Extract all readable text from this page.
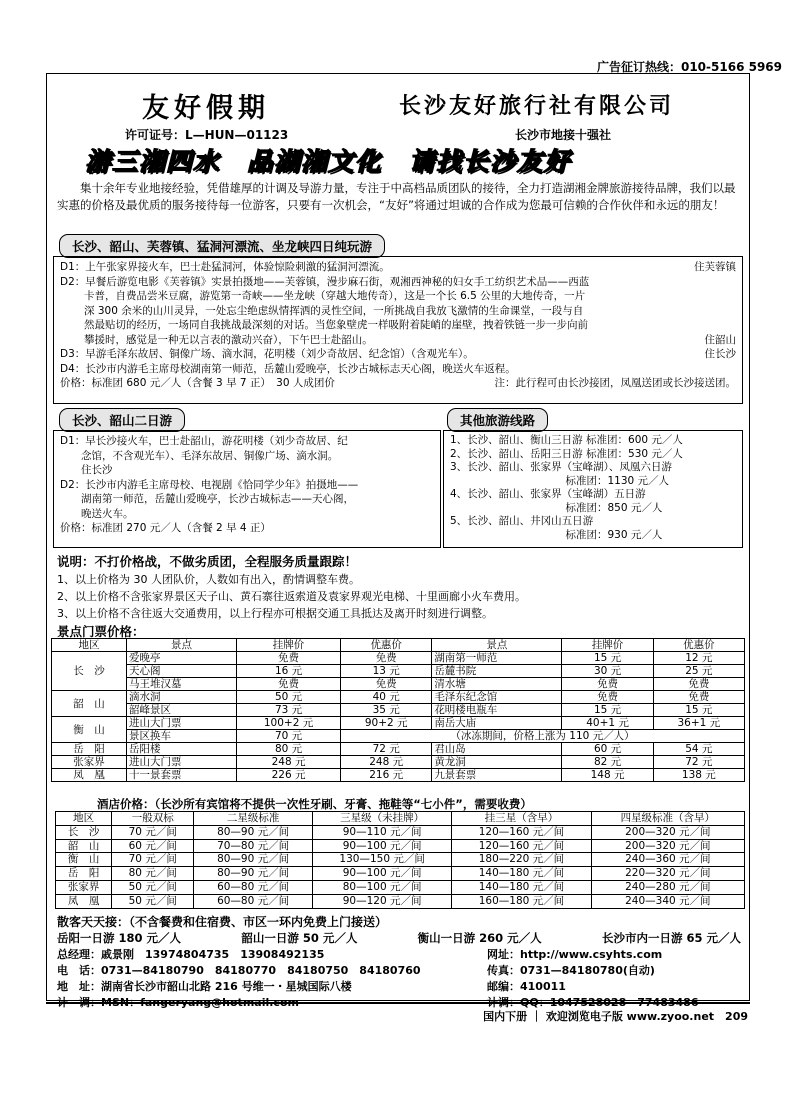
广告征订热线：010-5166 5969
友好假期	长沙友好旅行社有限公司
许可证号：L—HUN—01123	长沙市地接十强社
游三湘四水　品湖湘文化　请找长沙友好
集十余年专业地接经验，凭借雄厚的计调及导游力量，专注于中高档品质团队的接待，全力打造湖湘金牌旅游接待品牌，我们以最实惠的价格及最优质的服务接待每一位游客，只要有一次机会，“友好”将通过坦诚的合作成为您最可信赖的合作伙伴和永远的朋友！
长沙、韶山、芙蓉镇、猛洞河漂流、坐龙峡四日纯玩游
D1：上午张家界接火车，巴士赴猛洞河，体验惊险刺激的猛洞河漂流。	住芙蓉镇
D2：早餐后游览电影《芙蓉镇》实景拍摄地——芙蓉镇，漫步麻石街，观湘西神秘的妇女手工纺织艺术品——西蓝
卡普，自费品尝米豆腐，游览第一奇峡——坐龙峡（穿越大地传奇），这是一个长 6.5 公里的大地传奇，一片
深 300 余米的山川灵异，一处忘尘绝虑纵情挥洒的灵性空间，一所挑战自我放飞激情的生命课堂，一段与自
然最贴切的经历，一场同自我挑战最深刻的对话。当您象壁虎一样吸附着陡峭的崖壁，拽着铁链一步一步向前
攀援时，感觉是一种无以言表的激动兴奋），下午巴士赴韶山。	住韶山
D3：早游毛泽东故居、铜像广场、滴水洞，花明楼（刘少奇故居、纪念馆）（含观光车）。	住长沙
D4：长沙市内游毛主席母校湖南第一师范，岳麓山爱晚亭，长沙古城标志天心阁，晚送火车返程。
价格：标准团 680 元／人（含餐 3 早 7 正）　30 人成团价	注：此行程可由长沙接团，凤凰送团或长沙接送团。
长沙、韶山二日游
D1：早长沙接火车，巴士赴韶山，游花明楼（刘少奇故居、纪
　　念馆，不含观光车）、毛泽东故居、铜像广场、滴水洞。
　　住长沙
D2：长沙市内游毛主席母校、电视剧《恰同学少年》拍摄地——
　　湖南第一师范，岳麓山爱晚亭，长沙古城标志——天心阁，
　　晚送火车。
价格：标准团 270 元／人（含餐 2 早 4 正）
其他旅游线路
1、长沙、韶山、衡山三日游 标准团：600 元／人
2、长沙、韶山、岳阳三日游 标准团：530 元／人
3、长沙、韶山、张家界（宝峰湖）、凤凰六日游
　　　　　　　　　　　标准团：1130 元／人
4、长沙、韶山、张家界（宝峰湖）五日游
　　　　　　　　　　　标准团：850 元／人
5、长沙、韶山、井冈山五日游
　　　　　　　　　　　标准团：930 元／人
说明：不打价格战，不做劣质团，全程服务质量跟踪！
1、以上价格为 30 人团队价，人数如有出入，酌情调整车费。
2、以上价格不含张家界景区天子山、黄石寨往返索道及袁家界观光电梯、十里画廊小火车费用。
3、以上价格不含往返大交通费用，以上行程亦可根据交通工具抵达及离开时刻进行调整。
景点门票价格：
地区	景点	挂牌价	优惠价	景点	挂牌价	优惠价
长　沙	爱晚亭	免费	免费	湖南第一师范	15 元	12 元
	天心阁	16 元	13 元	岳麓书院	30 元	25 元
	马王堆汉墓	免费	免费	清水塘	免费	免费
韶　山	滴水洞	50 元	40 元	毛泽东纪念馆	免费	免费
	韶峰景区	73 元	35 元	花明楼电瓶车	15 元	15 元
衡　山	进山大门票	100+2 元	90+2 元	南岳大庙	40+1 元	36+1 元
	景区换车	70 元	（冰冻期间，价格上涨为 110 元／人）			
岳　阳	岳阳楼	80 元	72 元	君山岛	60 元	54 元
张家界	进山大门票	248 元	248 元	黄龙洞	82 元	72 元
凤　凰	十一景套票	226 元	216 元	九景套票	148 元	138 元
酒店价格：（长沙所有宾馆将不提供一次性牙刷、牙膏、拖鞋等“七小件”，需要收费）
地区	一般双标	二星级标准	三星级（未挂牌）	挂三星（含早）	四星级标准（含早）
长　沙	70 元／间	80—90 元／间	90—110 元／间	120—160 元／间	200—320 元／间
韶　山	60 元／间	70—80 元／间	90—100 元／间	120—160 元／间	200—320 元／间
衡　山	70 元／间	80—90 元／间	130—150 元／间	180—220 元／间	240—360 元／间
岳　阳	80 元／间	80—90 元／间	90—100 元／间	140—180 元／间	220—320 元／间
张家界	50 元／间	60—80 元／间	80—100 元／间	140—180 元／间	240—280 元／间
凤　凰	50 元／间	60—80 元／间	90—120 元／间	160—180 元／间	240—340 元／间
散客天天接：（不含餐费和住宿费、市区一环内免费上门接送）
岳阳一日游 180 元／人	韶山一日游 50 元／人	衡山一日游 260 元／人	长沙市内一日游 65 元／人
总经理：戚景刚　13974804735　13908492135
电　话：0731—84180790　84180770　84180750　84180760
地　址：湖南省长沙市韶山北路 216 号维一・星城国际八楼
计　调：MSN：fangeryang@hotmail.com
网址：http://www.csyhts.com
传真：0731—84180780(自动)
邮编：410011
计调：QQ：1047528028　77483486
国内下册 ｜ 欢迎浏览电子版 www.zyoo.net　209
